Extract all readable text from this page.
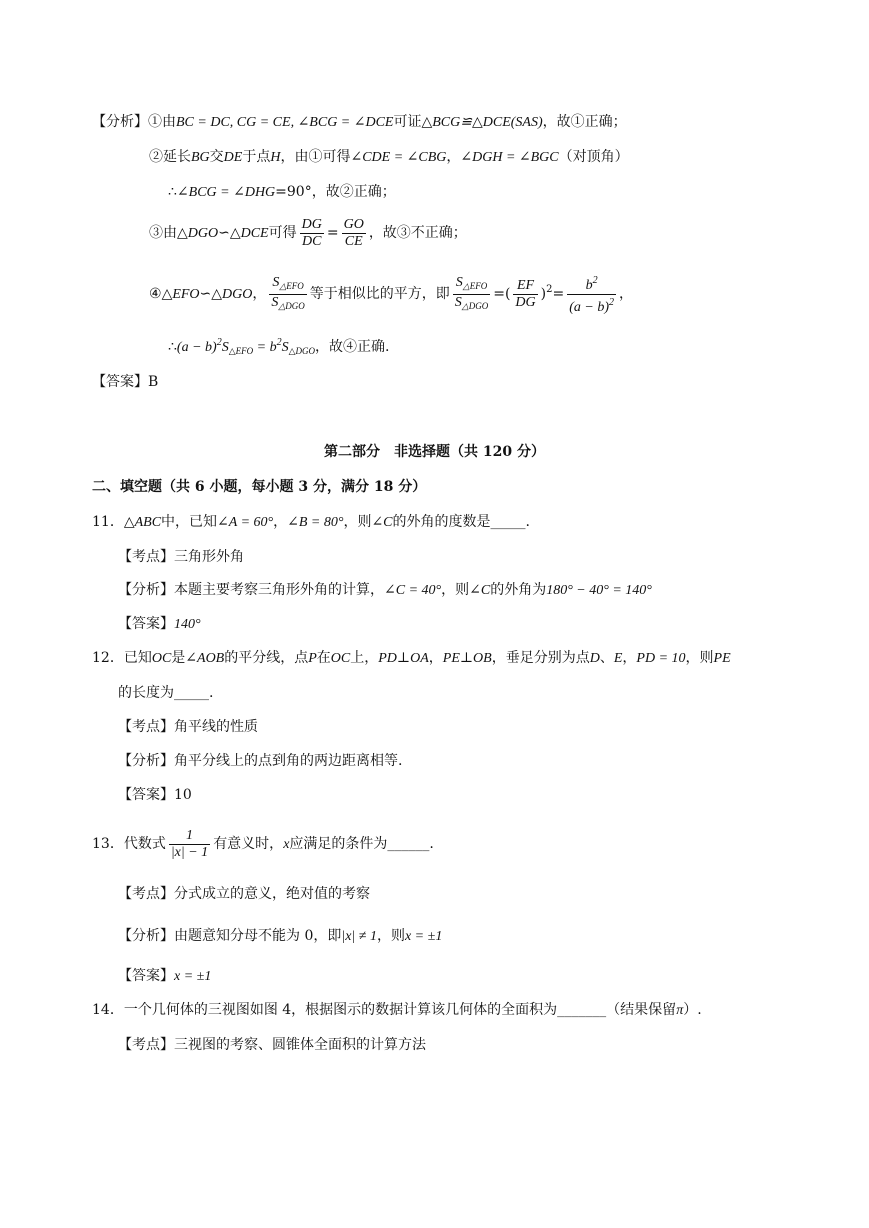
【分析】①由BC = DC, CG = CE, ∠BCG = ∠DCE可证△BCG≌△DCE(SAS)，故①正确；
②延长BG交DE于点H，由①可得∠CDE = ∠CBG，∠DGH = ∠BGC（对顶角）
∴∠BCG = ∠DHG=90°，故②正确；
③由△DGO∽△DCE可得 $\frac{DG}{DC} = \frac{GO}{CE}$ ，故③不正确；
④△EFO∽△DGO， $\frac{S_{\triangle EFO}}{S_{\triangle DGO}}$ 等于相似比的平方，即 $\frac{S_{\triangle EFO}}{S_{\triangle DGO}}$ =( $\frac{EF}{DG} )^2= \frac{b^2}{(a - b)^2}$ ，
∴(a − $b)^2S_{\triangle EFO} = b^2S_{\triangle DGO}$，故④正确.
【答案】B
第二部分　非选择题（共 120 分）
二、填空题（共 6 小题，每小题 3 分，满分 18 分）
11．△ABC中，已知∠A = 60°，∠B = 80°，则∠C的外角的度数是_____.
【考点】三角形外角
【分析】本题主要考察三角形外角的计算，∠C = 40°，则∠C的外角为180° − 40° = 140°
【答案】140°
12．已知OC是∠AOB的平分线，点P在OC上，PD⊥OA，PE⊥OB，垂足分别为点D、E，PD = 10，则PE
的长度为_____.
【考点】角平线的性质
【分析】角平分线上的点到角的两边距离相等.
【答案】10
13．代数式 $\frac{1}{|x| - 1}$ 有意义时，x应满足的条件为______.
【考点】分式成立的意义，绝对值的考察
【分析】由题意知分母不能为 0，即|x| ≠ 1，则x = ±1
【答案】x = ±1
14．一个几何体的三视图如图 4，根据图示的数据计算该几何体的全面积为_______（结果保留π）.
【考点】三视图的考察、圆锥体全面积的计算方法
